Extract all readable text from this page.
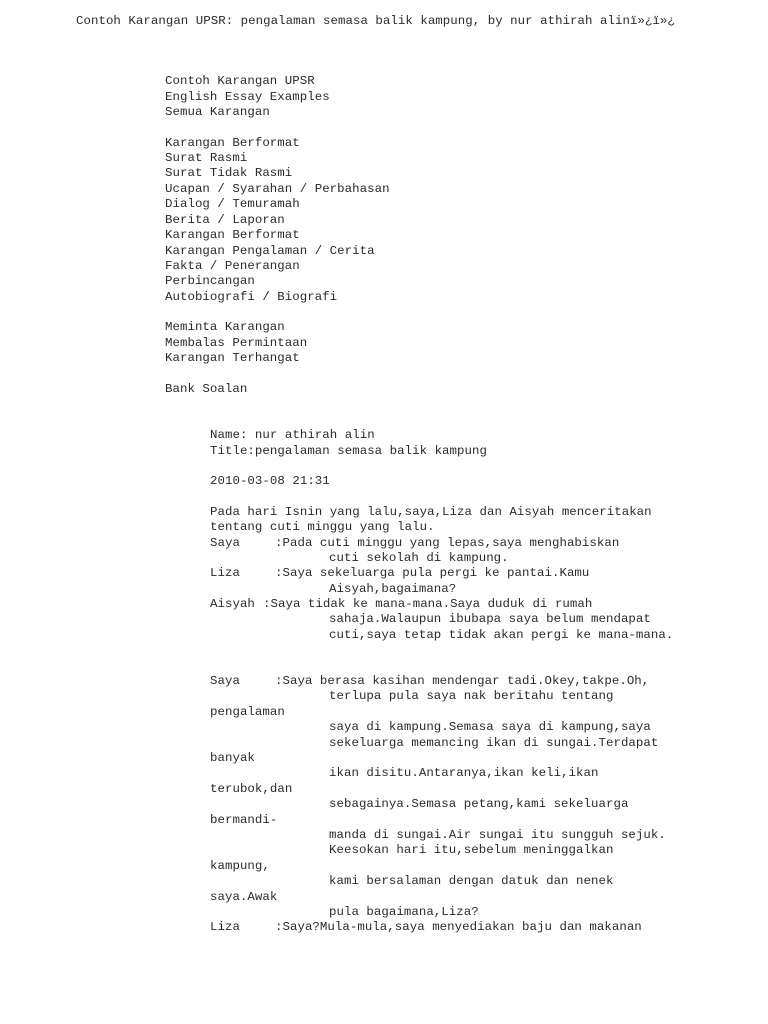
Contoh Karangan UPSR: pengalaman semasa balik kampung, by nur athirah alinï»¿ï»¿
Contoh Karangan UPSR
English Essay Examples
Semua Karangan
Karangan Berformat
Surat Rasmi
Surat Tidak Rasmi
Ucapan / Syarahan / Perbahasan
Dialog / Temuramah
Berita / Laporan
Karangan Berformat
Karangan Pengalaman / Cerita
Fakta / Penerangan
Perbincangan
Autobiografi / Biografi
Meminta Karangan
Membalas Permintaan
Karangan Terhangat
Bank Soalan
Name: nur athirah alin
Title:pengalaman semasa balik kampung
2010-03-08 21:31
Pada hari Isnin yang lalu,saya,Liza dan Aisyah menceritakan
tentang cuti minggu yang lalu.
Saya	:Pada cuti minggu yang lepas,saya menghabiskan
cuti sekolah di kampung.
Liza	:Saya sekeluarga pula pergi ke pantai.Kamu
Aisyah,bagaimana?
Aisyah :Saya tidak ke mana-mana.Saya duduk di rumah
sahaja.Walaupun ibubapa saya belum mendapat
cuti,saya tetap tidak akan pergi ke mana-mana.
Saya	:Saya berasa kasihan mendengar tadi.Okey,takpe.Oh,
terlupa pula saya nak beritahu tentang
pengalaman
saya di kampung.Semasa saya di kampung,saya
sekeluarga memancing ikan di sungai.Terdapat
banyak
ikan disitu.Antaranya,ikan keli,ikan
terubok,dan
sebagainya.Semasa petang,kami sekeluarga
bermandi-
manda di sungai.Air sungai itu sungguh sejuk.
Keesokan hari itu,sebelum meninggalkan
kampung,
kami bersalaman dengan datuk dan nenek
saya.Awak
pula bagaimana,Liza?
Liza	:Saya?Mula-mula,saya menyediakan baju dan makanan
